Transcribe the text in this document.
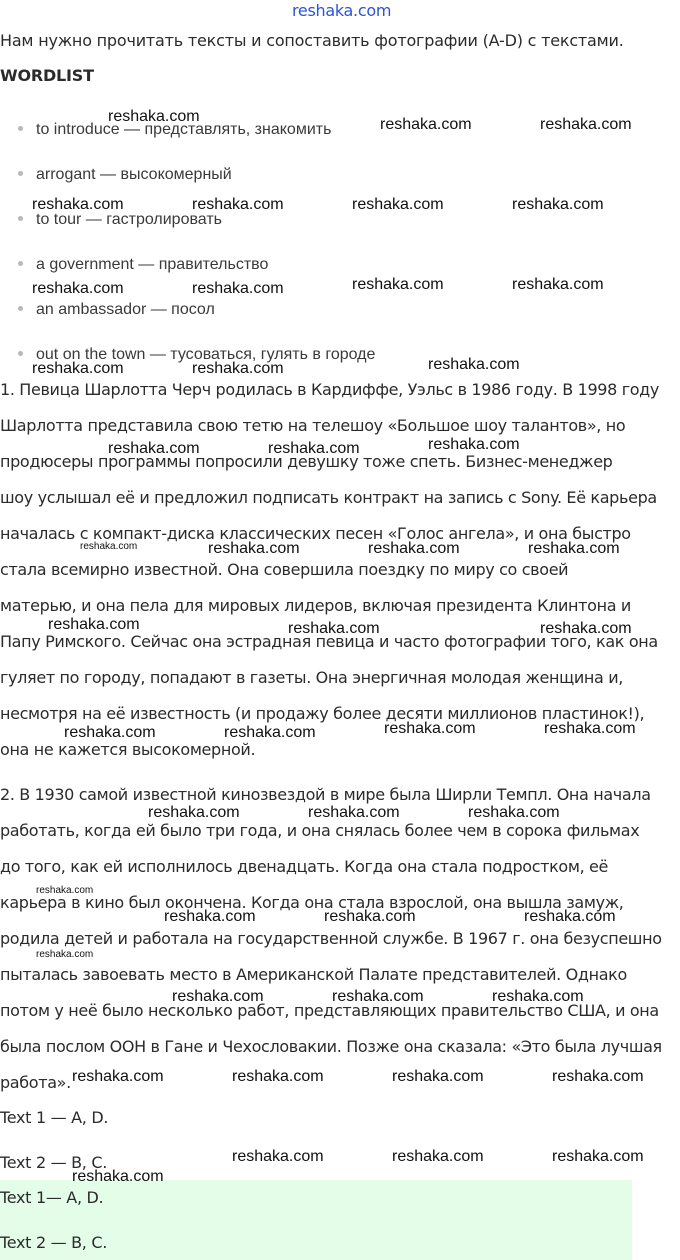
reshaka.com
Нам нужно прочитать тексты и сопоставить фотографии (A-D) с текстами.
WORDLIST
to introduce — представлять, знакомить
arrogant — высокомерный
to tour — гастролировать
a government — правительство
an ambassador — посол
out on the town — тусоваться, гулять в городе
1. Певица Шарлотта Черч родилась в Кардиффе, Уэльс в 1986 году. В 1998 году
Шарлотта представила свою тетю на телешоу «Большое шоу талантов», но
продюсеры программы попросили девушку тоже спеть. Бизнес-менеджер
шоу услышал её и предложил подписать контракт на запись с Sony. Её карьера
началась с компакт-диска классических песен «Голос ангела», и она быстро
стала всемирно известной. Она совершила поездку по миру со своей
матерью, и она пела для мировых лидеров, включая президента Клинтона и
Папу Римского. Сейчас она эстрадная певица и часто фотографии того, как она
гуляет по городу, попадают в газеты. Она энергичная молодая женщина и,
несмотря на её известность (и продажу более десяти миллионов пластинок!),
она не кажется высокомерной.
2. В 1930 самой известной кинозвездой в мире была Ширли Темпл. Она начала
работать, когда ей было три года, и она снялась более чем в сорока фильмах
до того, как ей исполнилось двенадцать. Когда она стала подростком, её
карьера в кино был окончена. Когда она стала взрослой, она вышла замуж,
родила детей и работала на государственной службе. В 1967 г. она безуспешно
пыталась завоевать место в Американской Палате представителей. Однако
потом у неё было несколько работ, представляющих правительство США, и она
была послом ООН в Гане и Чехословакии. Позже она сказала: «Это была лучшая
работа».
Text 1 — A, D.
Text 2 — B, C.
Text 1— A, D.
Text 2 — B, C.
reshaka.com	reshaka.com	reshaka.com
reshaka.com	reshaka.com	reshaka.com	reshaka.com
reshaka.com	reshaka.com
reshaka.com	reshaka.com
reshaka.com	reshaka.com	reshaka.com
reshaka.com	reshaka.com	reshaka.com
reshaka.com	reshaka.com	reshaka.com	reshaka.com
reshaka.com	reshaka.com	reshaka.com
reshaka.com	reshaka.com	reshaka.com	reshaka.com
reshaka.com	reshaka.com	reshaka.com
reshaka.com
reshaka.com	reshaka.com	reshaka.com
reshaka.com
reshaka.com	reshaka.com	reshaka.com
reshaka.com	reshaka.com	reshaka.com	reshaka.com
reshaka.com	reshaka.com	reshaka.com
reshaka.com
